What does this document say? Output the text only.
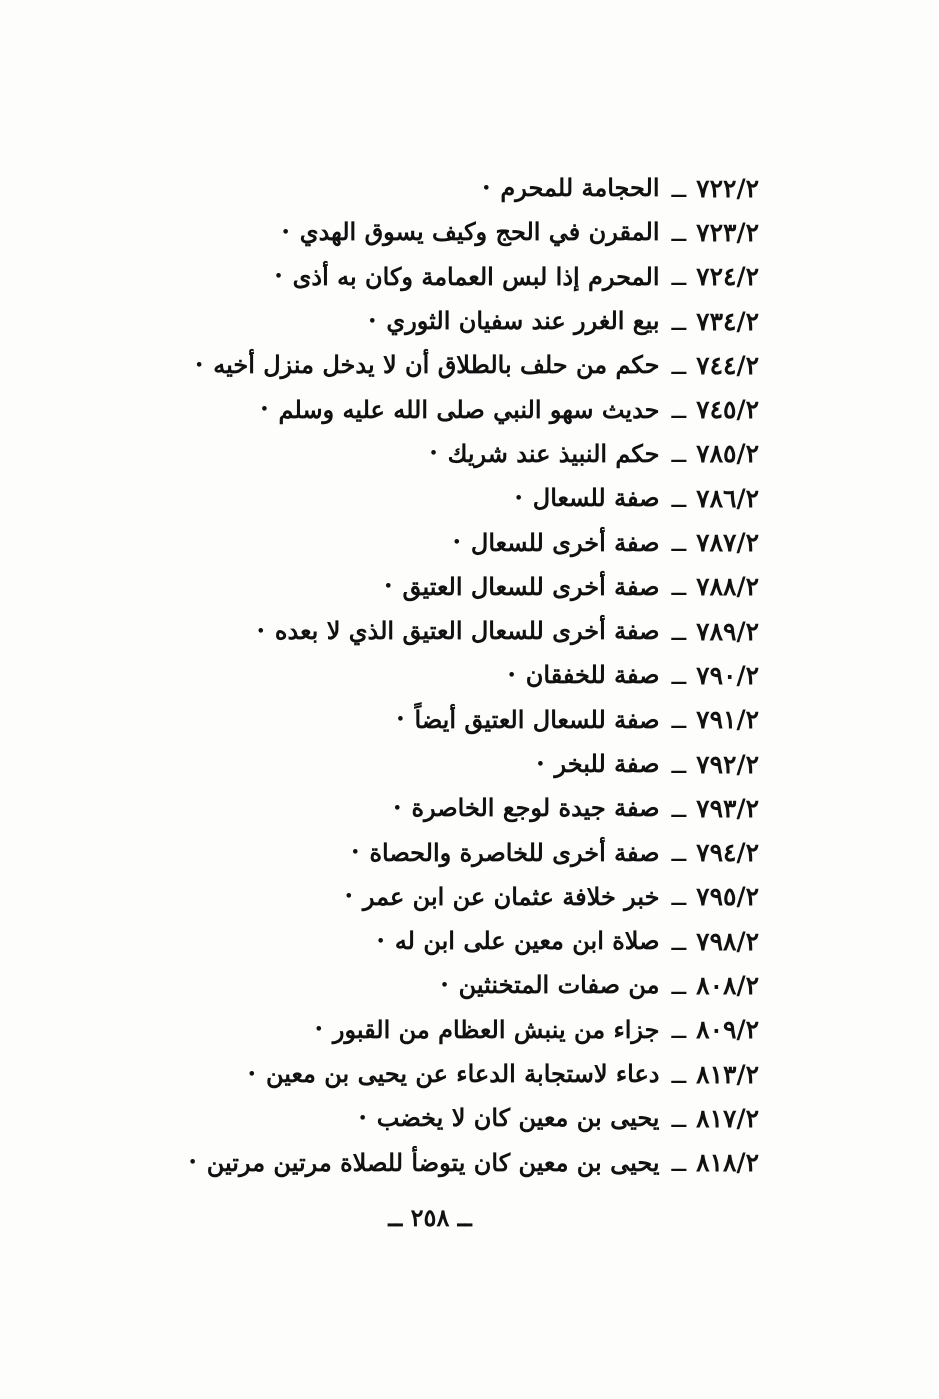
٧٢٢/٢
ــ
الحجامة للمحرم
•
٧٢٣/٢
ــ
المقرن في الحج وكيف يسوق الهدي
•
٧٢٤/٢
ــ
المحرم إذا لبس العمامة وكان به أذى
•
٧٣٤/٢
ــ
بيع الغرر عند سفيان الثوري
•
٧٤٤/٢
ــ
حكم من حلف بالطلاق أن لا يدخل منزل أخيه
•
٧٤٥/٢
ــ
حديث سهو النبي صلى الله عليه وسلم
•
٧٨٥/٢
ــ
حكم النبيذ عند شريك
•
٧٨٦/٢
ــ
صفة للسعال
•
٧٨٧/٢
ــ
صفة أخرى للسعال
•
٧٨٨/٢
ــ
صفة أخرى للسعال العتيق
•
٧٨٩/٢
ــ
صفة أخرى للسعال العتيق الذي لا بعده
•
٧٩٠/٢
ــ
صفة للخفقان
•
٧٩١/٢
ــ
صفة للسعال العتيق أيضاً
•
٧٩٢/٢
ــ
صفة للبخر
•
٧٩٣/٢
ــ
صفة جيدة لوجع الخاصرة
•
٧٩٤/٢
ــ
صفة أخرى للخاصرة والحصاة
•
٧٩٥/٢
ــ
خبر خلافة عثمان عن ابن عمر
•
٧٩٨/٢
ــ
صلاة ابن معين على ابن له
•
٨٠٨/٢
ــ
من صفات المتخنثين
•
٨٠٩/٢
ــ
جزاء من ينبش العظام من القبور
•
٨١٣/٢
ــ
دعاء لاستجابة الدعاء عن يحيى بن معين
•
٨١٧/٢
ــ
يحيى بن معين كان لا يخضب
•
٨١٨/٢
ــ
يحيى بن معين كان يتوضأ للصلاة مرتين مرتين
•
ــ ٢٥٨ ــ
